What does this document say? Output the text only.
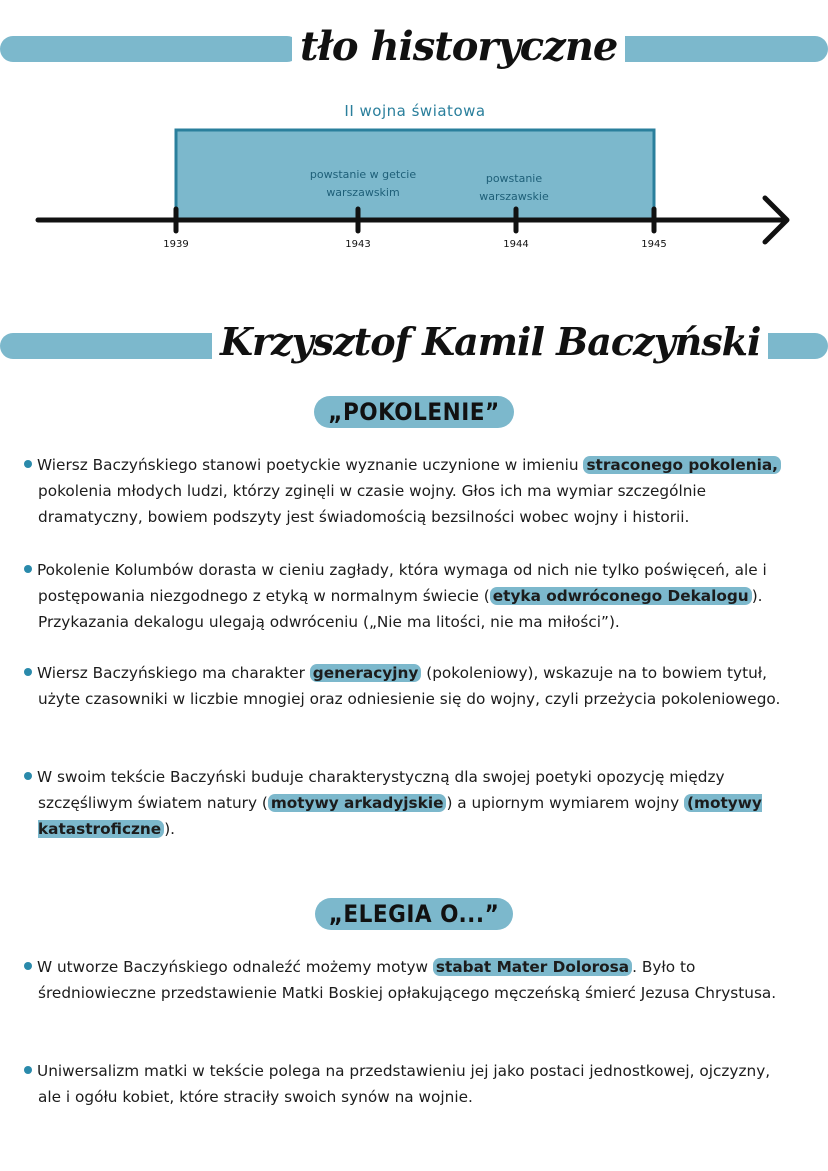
tło historyczne
II wojna światowa
1939	1943	1944	1945
powstanie w getcie
warszawskim
powstanie
warszawskie
Krzysztof Kamil Baczyński
„POKOLENIE”

Wiersz Baczyńskiego stanowi poetyckie wyznanie uczynione w imieniu straconego pokolenia, pokolenia młodych ludzi, którzy zginęli w czasie wojny. Głos ich ma wymiar szczególnie dramatyczny, bowiem podszyty jest świadomością bezsilności wobec wojny i historii.

Pokolenie Kolumbów dorasta w cieniu zagłady, która wymaga od nich nie tylko poświęceń, ale i postępowania niezgodnego z etyką w normalnym świecie ( etyka odwróconego Dekalogu ). Przykazania dekalogu ulegają odwróceniu („Nie ma litości, nie ma miłości”).

Wiersz Baczyńskiego ma charakter generacyjny (pokoleniowy), wskazuje na to bowiem tytuł, użyte czasowniki w liczbie mnogiej oraz odniesienie się do wojny, czyli przeżycia pokoleniowego.

W swoim tekście Baczyński buduje charakterystyczną dla swojej poetyki opozycję między szczęśliwym światem natury ( motywy arkadyjskie ) a upiornym wymiarem wojny (motywy katastroficzne ).

„ELEGIA O...”

W utworze Baczyńskiego odnaleźć możemy motyw stabat Mater Dolorosa . Było to średniowieczne przedstawienie Matki Boskiej opłakującego męczeńską śmierć Jezusa Chrystusa.

Uniwersalizm matki w tekście polega na przedstawieniu jej jako postaci jednostkowej, ojczyzny, ale i ogółu kobiet, które straciły swoich synów na wojnie.
